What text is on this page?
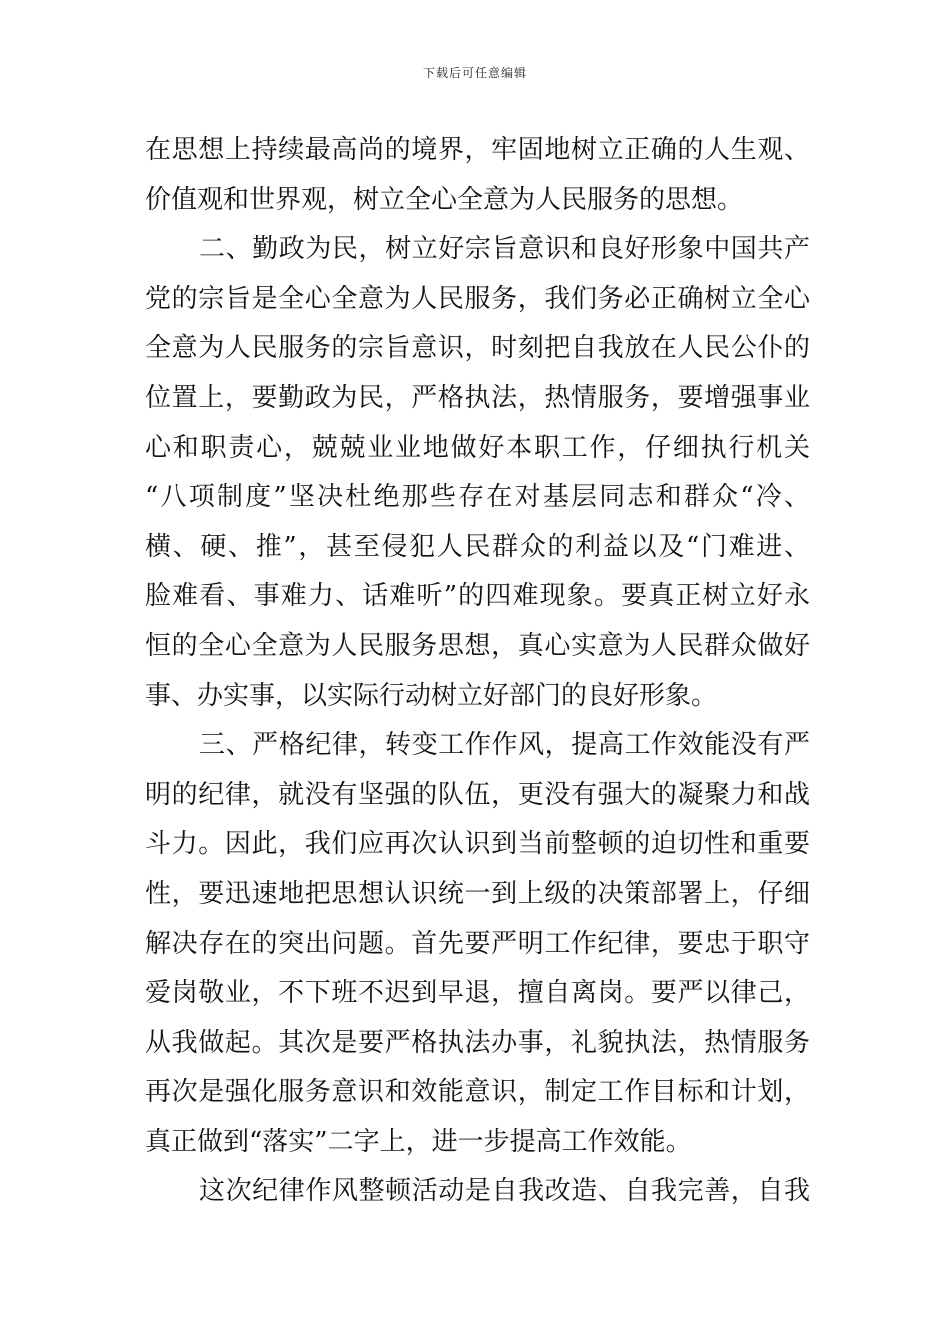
下载后可任意编辑
在思想上持续最高尚的境界，牢固地树立正确的人生观、
价值观和世界观，树立全心全意为人民服务的思想。
二、勤政为民，树立好宗旨意识和良好形象中国共产
党的宗旨是全心全意为人民服务，我们务必正确树立全心
全意为人民服务的宗旨意识，时刻把自我放在人民公仆的
位置上，要勤政为民，严格执法，热情服务，要增强事业
心和职责心，兢兢业业地做好本职工作，仔细执行机关
“八项制度”坚决杜绝那些存在对基层同志和群众“冷、
横、硬、推”，甚至侵犯人民群众的利益以及“门难进、
脸难看、事难力、话难听”的四难现象。要真正树立好永
恒的全心全意为人民服务思想，真心实意为人民群众做好
事、办实事，以实际行动树立好部门的良好形象。
三、严格纪律，转变工作作风，提高工作效能没有严
明的纪律，就没有坚强的队伍，更没有强大的凝聚力和战
斗力。因此，我们应再次认识到当前整顿的迫切性和重要
性，要迅速地把思想认识统一到上级的决策部署上，仔细
解决存在的突出问题。首先要严明工作纪律，要忠于职守
爱岗敬业，不下班不迟到早退，擅自离岗。要严以律己，
从我做起。其次是要严格执法办事，礼貌执法，热情服务
再次是强化服务意识和效能意识，制定工作目标和计划，
真正做到“落实”二字上，进一步提高工作效能。
这次纪律作风整顿活动是自我改造、自我完善，自我
